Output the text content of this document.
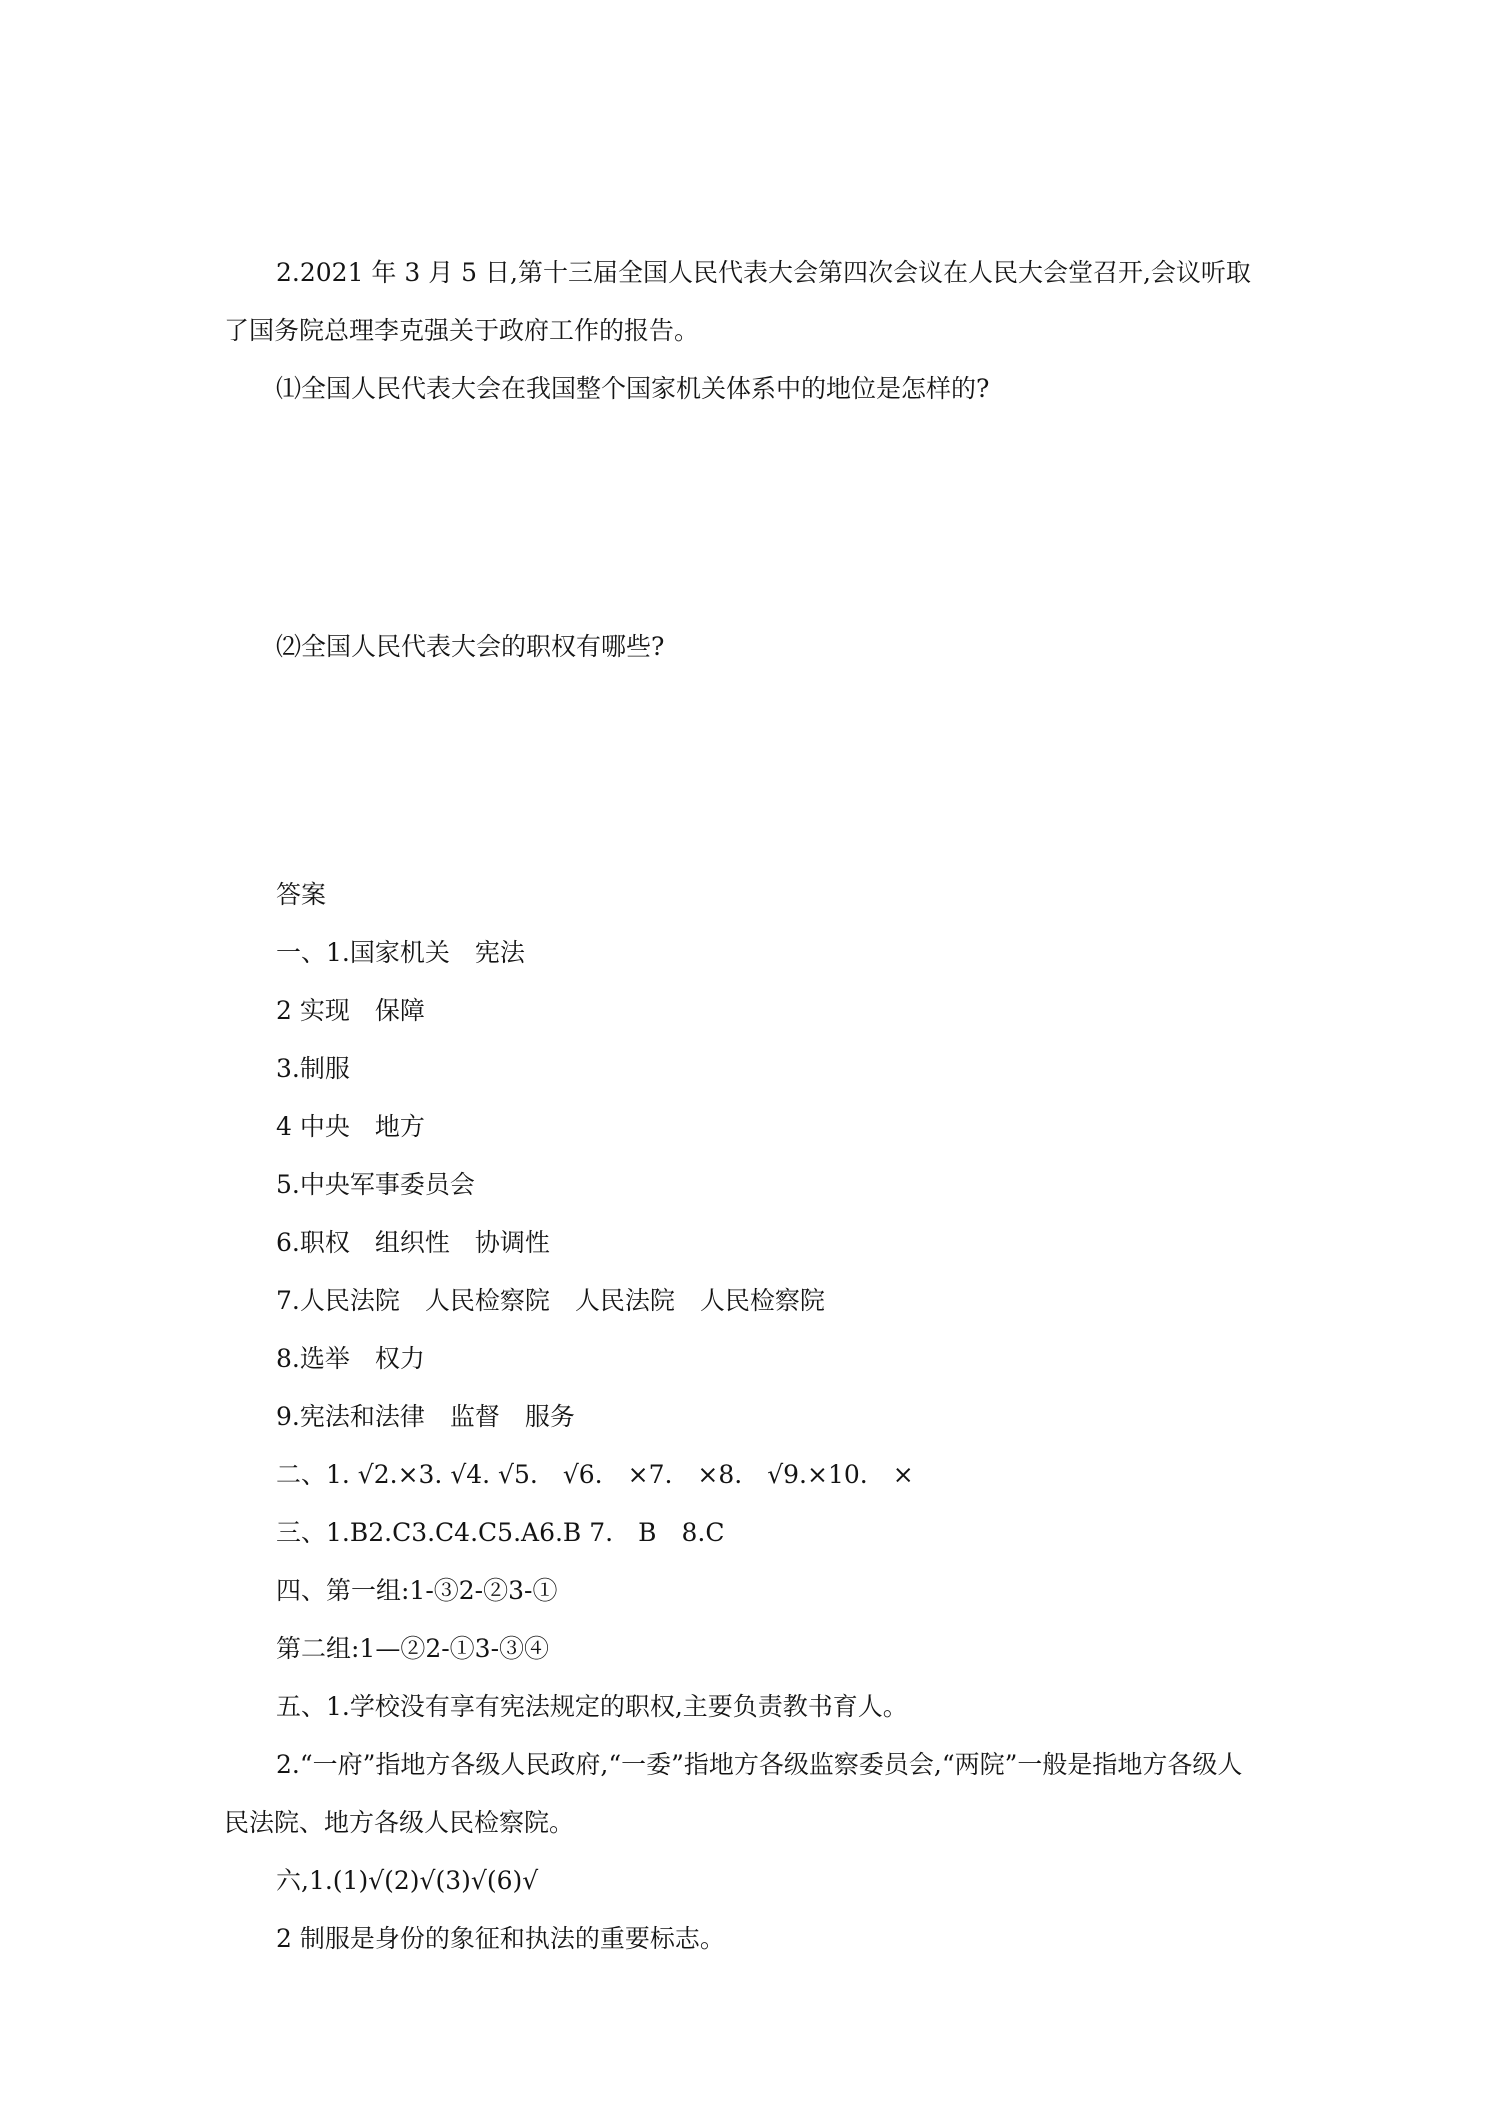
2.2021 年 3 月 5 日,第十三届全国人民代表大会第四次会议在人民大会堂召开,会议听取了国务院总理李克强关于政府工作的报告。

⑴全国人民代表大会在我国整个国家机关体系中的地位是怎样的?

⑵全国人民代表大会的职权有哪些?

答案

一、1.国家机关　宪法

2 实现　保障

3.制服

4 中央　地方

5.中央军事委员会

6.职权　组织性　协调性

7.人民法院　人民检察院　人民法院　人民检察院

8.选举　权力

9.宪法和法律　监督　服务

二、1. √2.×3. √4. √5.　√6.　×7.　×8.　√9.×10.　×

三、1.B2.C3.C4.C5.A6.B 7.　B　8.C

四、第一组:1-③2-②3-①

第二组:1—②2-①3-③④

五、1.学校没有享有宪法规定的职权,主要负责教书育人。

2.“一府”指地方各级人民政府,“一委”指地方各级监察委员会,“两院”一般是指地方各级人民法院、地方各级人民检察院。

六,1.(1)√(2)√(3)√(6)√

2 制服是身份的象征和执法的重要标志。
